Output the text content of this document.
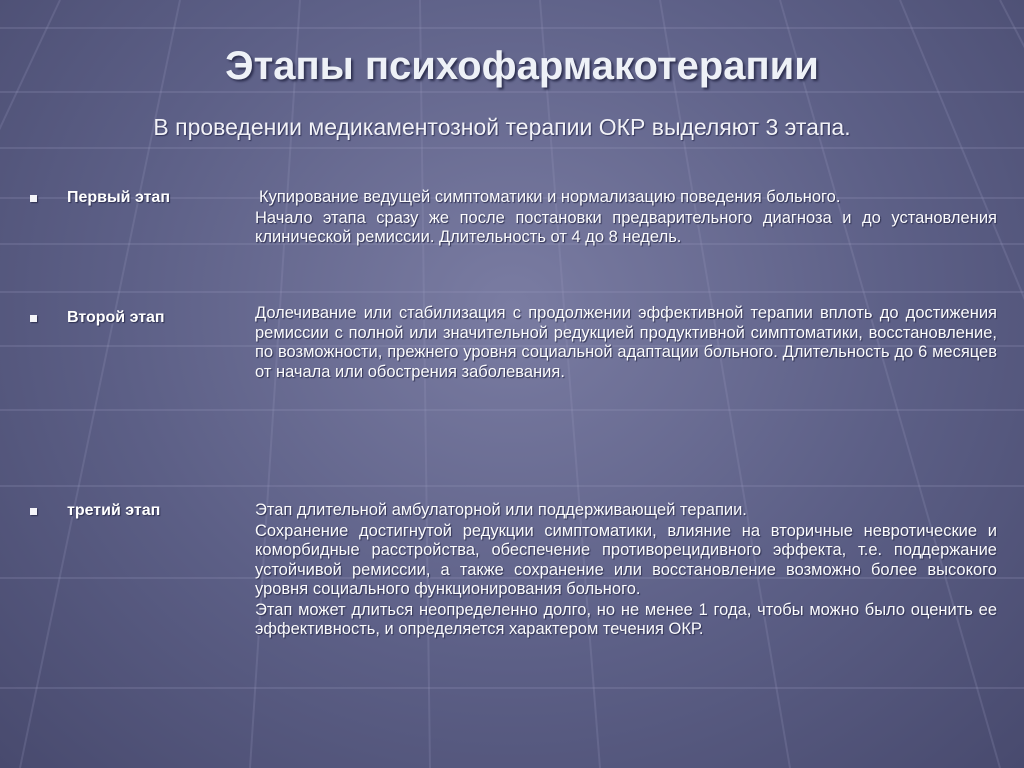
Этапы психофармакотерапии
В проведении медикаментозной терапии ОКР выделяют 3 этапа.
Первый этап	Купирование ведущей симптоматики и нормализацию поведения больного.

Начало этапа сразу же после постановки предварительного диагноза и до установления клинической ремиссии. Длительность от 4 до 8 недель.

Второй этап	Долечивание или стабилизация с продолжении эффективной терапии вплоть до достижения ремиссии с полной или значительной редукцией продуктивной симптоматики, восстановление, по возможности, прежнего уровня социальной адаптации больного. Длительность до 6 месяцев от начала или обострения заболевания.

третий этап	Этап длительной амбулаторной или поддерживающей терапии.

Сохранение достигнутой редукции симптоматики, влияние на вторичные невротические и коморбидные расстройства, обеспечение противорецидивного эффекта, т.е. поддержание устойчивой ремиссии, а также сохранение или восстановление возможно более высокого уровня социального функционирования больного.

Этап может длиться неопределенно долго, но не менее 1 года, чтобы можно было оценить ее эффективность, и определяется характером течения ОКР.
